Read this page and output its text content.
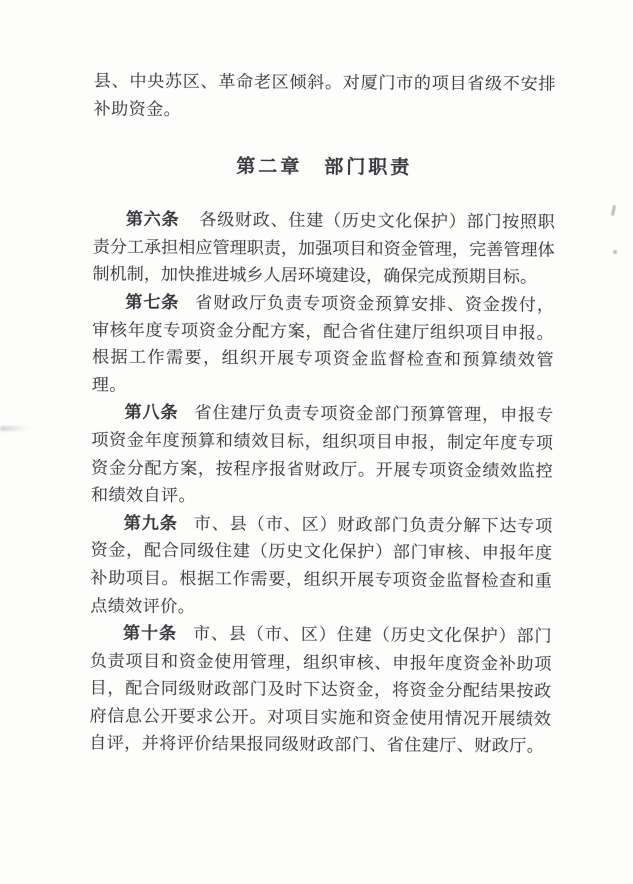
县、中央苏区、革命老区倾斜。对厦门市的项目省级不安排补助资金。

第二章　部门职责

第六条 各级财政、住建（历史文化保护）部门按照职责分工承担相应管理职责，加强项目和资金管理，完善管理体制机制，加快推进城乡人居环境建设，确保完成预期目标。

第七条 省财政厅负责专项资金预算安排、资金拨付，审核年度专项资金分配方案，配合省住建厅组织项目申报。根据工作需要，组织开展专项资金监督检查和预算绩效管理。

第八条 省住建厅负责专项资金部门预算管理，申报专项资金年度预算和绩效目标，组织项目申报，制定年度专项资金分配方案，按程序报省财政厅。开展专项资金绩效监控和绩效自评。

第九条 市、县（市、区）财政部门负责分解下达专项资金，配合同级住建（历史文化保护）部门审核、申报年度补助项目。根据工作需要，组织开展专项资金监督检查和重点绩效评价。

第十条 市、县（市、区）住建（历史文化保护）部门负责项目和资金使用管理，组织审核、申报年度资金补助项目，配合同级财政部门及时下达资金，将资金分配结果按政府信息公开要求公开。对项目实施和资金使用情况开展绩效自评，并将评价结果报同级财政部门、省住建厅、财政厅。
